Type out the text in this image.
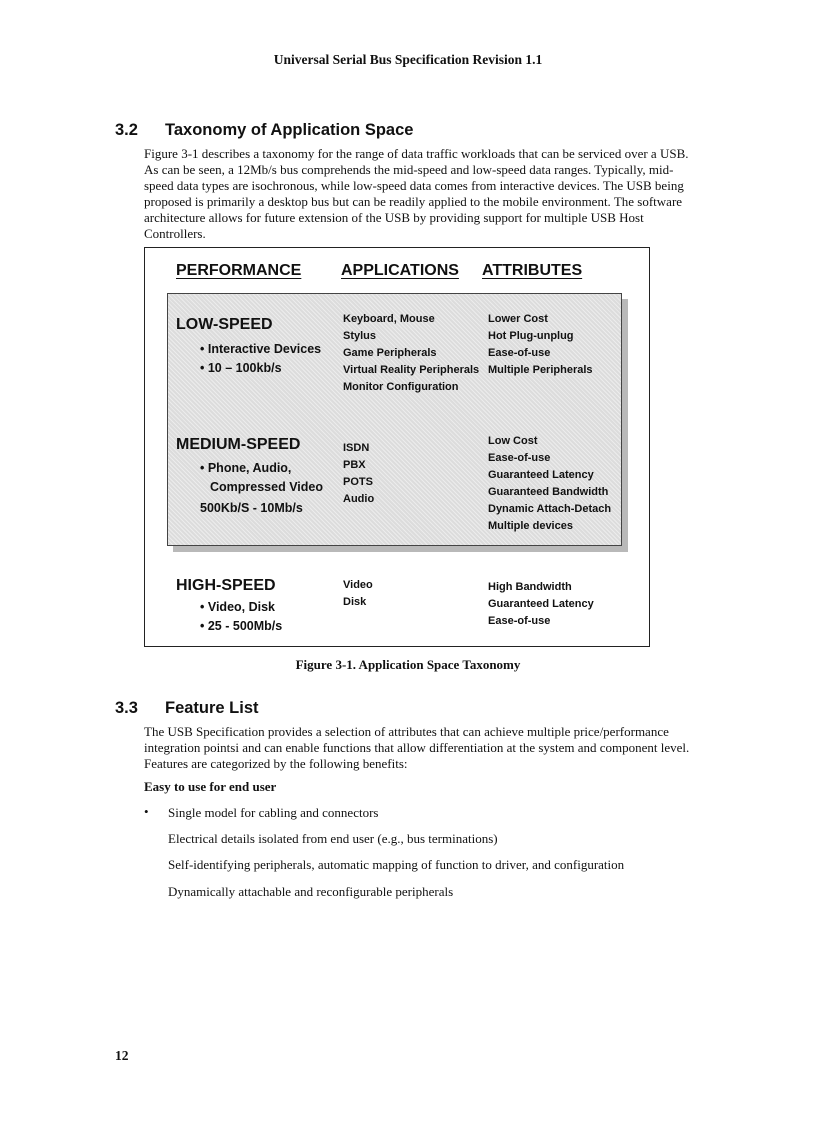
Universal Serial Bus Specification Revision 1.1
3.2 Taxonomy of Application Space
Figure 3-1 describes a taxonomy for the range of data traffic workloads that can be serviced over a USB.
As can be seen, a 12Mb/s bus comprehends the mid-speed and low-speed data ranges. Typically, mid-
speed data types are isochronous, while low-speed data comes from interactive devices. The USB being
proposed is primarily a desktop bus but can be readily applied to the mobile environment. The software
architecture allows for future extension of the USB by providing support for multiple USB Host
Controllers.
PERFORMANCE APPLICATIONS ATTRIBUTES
LOW-SPEED
• Interactive Devices
• 10 – 100kb/s
Keyboard, Mouse
Stylus
Game Peripherals
Virtual Reality Peripherals
Monitor Configuration
Lower Cost
Hot Plug-unplug
Ease-of-use
Multiple Peripherals
MEDIUM-SPEED
• Phone, Audio,
Compressed Video
500Kb/S - 10Mb/s
ISDN
PBX
POTS
Audio
Low Cost
Ease-of-use
Guaranteed Latency
Guaranteed Bandwidth
Dynamic Attach-Detach
Multiple devices
HIGH-SPEED
• Video, Disk
• 25 - 500Mb/s
Video
Disk
High Bandwidth
Guaranteed Latency
Ease-of-use
Figure 3-1. Application Space Taxonomy
3.3 Feature List
The USB Specification provides a selection of attributes that can achieve multiple price/performance
integration pointsi and can enable functions that allow differentiation at the system and component level.
Features are categorized by the following benefits:
Easy to use for end user
• Single model for cabling and connectors
Electrical details isolated from end user (e.g., bus terminations)
Self-identifying peripherals, automatic mapping of function to driver, and configuration
Dynamically attachable and reconfigurable peripherals
12
